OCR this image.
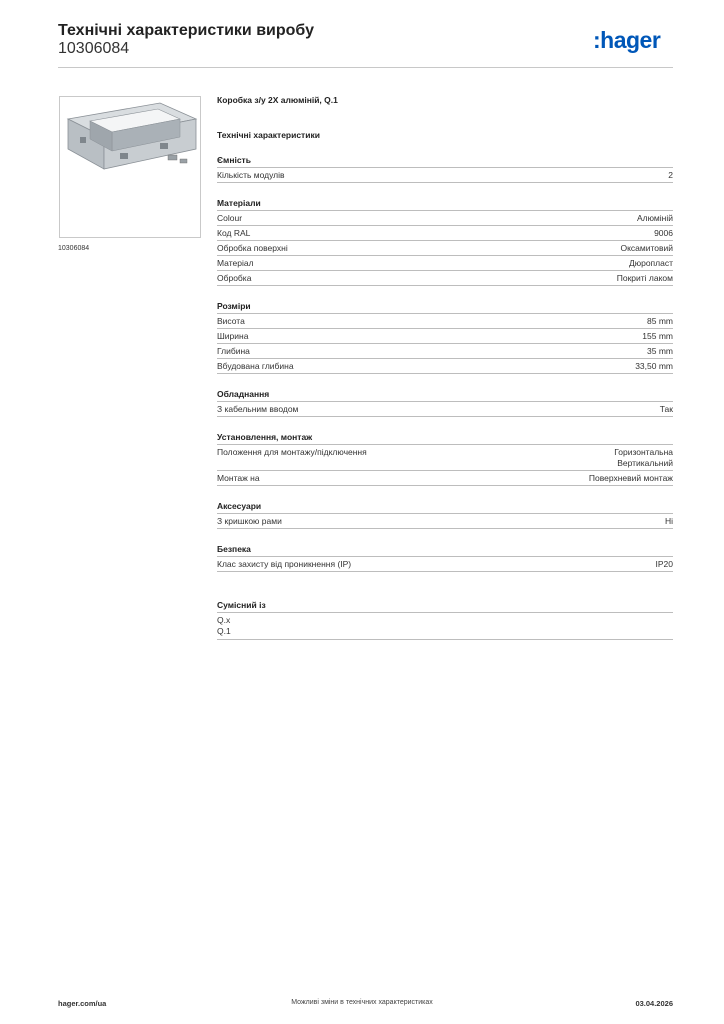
Технічні характеристики виробу
10306084	:hager
10306084
Коробка з/у 2X алюміній, Q.1
Технічні характеристики
Ємність
Кількість модулів	2
Матеріали
Colour	Алюміній
Код RAL	9006
Обробка поверхні	Оксамитовий
Матеріал	Дюропласт
Обробка	Покриті лаком
Розміри
Висота	85 mm
Ширина	155 mm
Глибина	35 mm
Вбудована глибина	33,50 mm
Обладнання
З кабельним вводом	Так
Установлення, монтаж
Положення для монтажу/підключення	Горизонтальна
Вертикальний
Монтаж на	Поверхневий монтаж
Аксесуари
З кришкою рами	Ні
Безпека
Клас захисту від проникнення (IP)	IP20
Сумісний із
Q.x
Q.1
Можливі зміни в технічних характеристиках
hager.com/ua	03.04.2026
